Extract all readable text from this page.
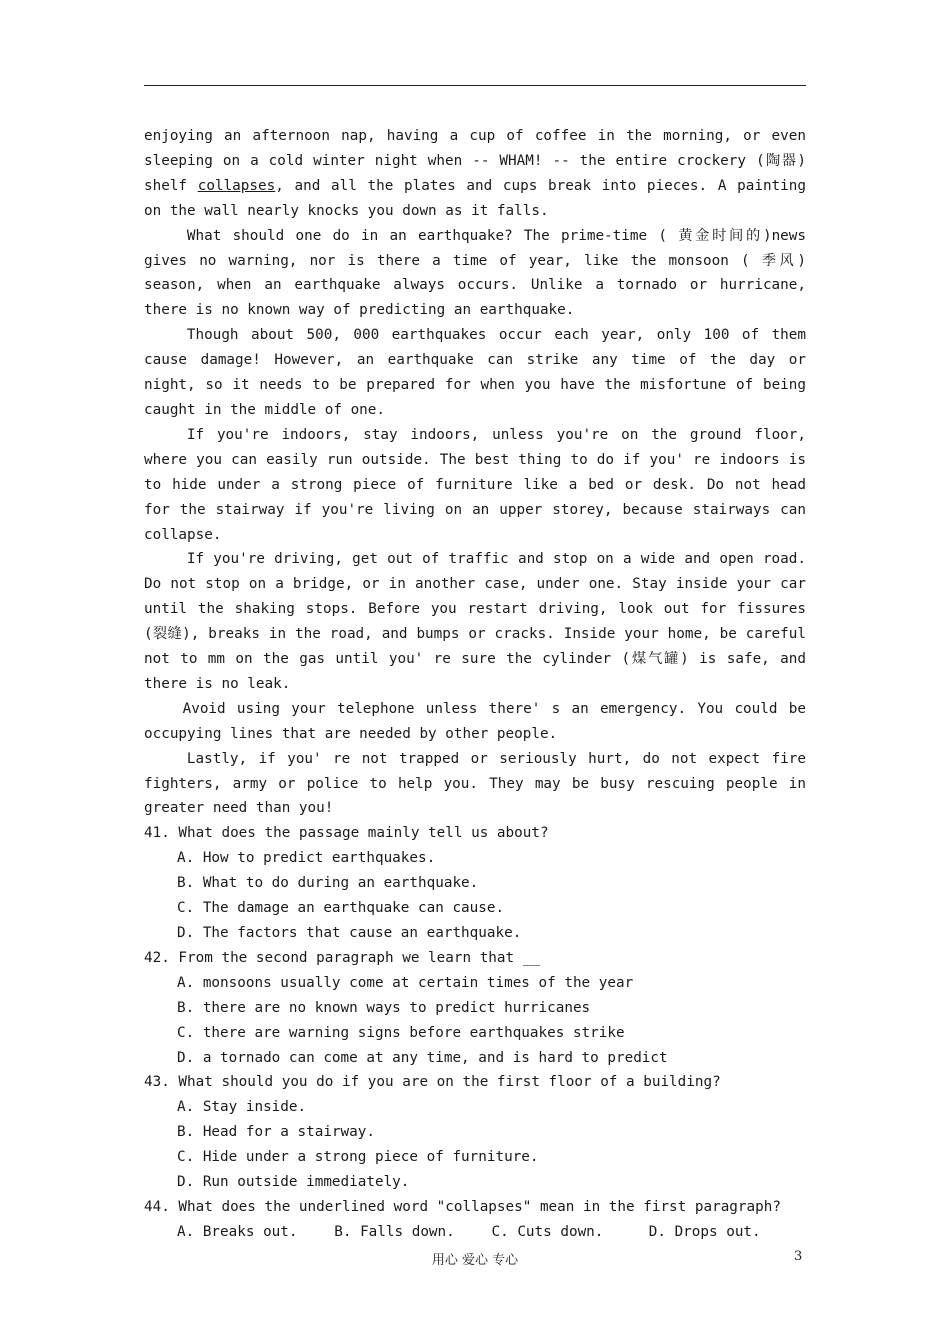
enjoying an afternoon nap, having a cup of coffee in the morning, or even sleeping on a cold winter night when -- WHAM! -- the entire crockery (陶器) shelf collapses, and all the plates and cups break into pieces. A painting on the wall nearly knocks you down as it falls.

What should one do in an earthquake? The prime-time ( 黄金时间的)news gives no warning, nor is there a time of year, like the monsoon ( 季风) season, when an earthquake always occurs. Unlike a tornado or hurricane, there is no known way of predicting an earthquake.

Though about 500, 000 earthquakes occur each year, only 100 of them cause damage! However, an earthquake can strike any time of the day or night, so it needs to be prepared for when you have the misfortune of being caught in the middle of one.

If you're indoors, stay indoors, unless you're on the ground floor, where you can easily run outside. The best thing to do if you' re indoors is to hide under a strong piece of furniture like a bed or desk. Do not head for the stairway if you're living on an upper storey, because stairways can collapse.

If you're driving, get out of traffic and stop on a wide and open road. Do not stop on a bridge, or in another case, under one. Stay inside your car until the shaking stops. Before you restart driving, look out for fissures (裂缝), breaks in the road, and bumps or cracks. Inside your home, be careful not to mm on the gas until you' re sure the cylinder (煤气罐) is safe, and there is no leak.

Avoid using your telephone unless there' s an emergency. You could be occupying lines that are needed by other people.

Lastly, if you' re not trapped or seriously hurt, do not expect fire fighters, army or police to help you. They may be busy rescuing people in greater need than you!

41. What does the passage mainly tell us about?

A. How to predict earthquakes.

B. What to do during an earthquake.

C. The damage an earthquake can cause.

D. The factors that cause an earthquake.

42. From the second paragraph we learn that __

A. monsoons usually come at certain times of the year

B. there are no known ways to predict hurricanes

C. there are warning signs before earthquakes strike

D. a tornado can come at any time, and is hard to predict

43. What should you do if you are on the first floor of a building?

A. Stay inside.

B. Head for a stairway.

C. Hide under a strong piece of furniture.

D. Run outside immediately.

44. What does the underlined word "collapses" mean in the first paragraph?

A. Breaks out.	B. Falls down.	C. Cuts down.	D. Drops out.

用心 爱心 专心	3
